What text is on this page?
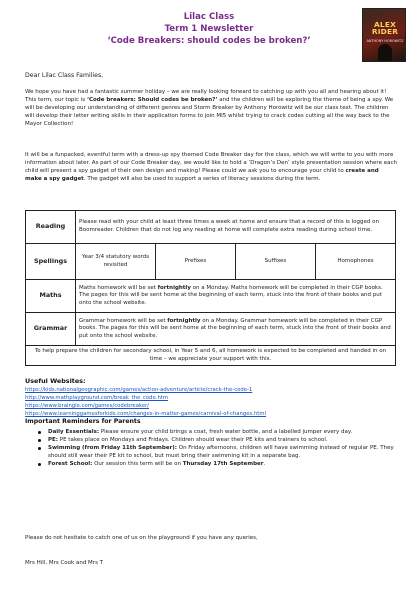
Lilac Class
Term 1 Newsletter
‘Code Breakers: should codes be broken?’
ALEX RIDER
ANTHONY HOROWITZ

Dear Lilac Class Families,

We hope you have had a fantastic summer holiday – we are really looking forward to catching up with you all and hearing about it! This term, our topic is ‘Code breakers: Should codes be broken?’ and the children will be exploring the theme of being a spy. We will be developing our understanding of different genres and Storm Breaker by Anthony Horowitz will be our class text. The children will develop their letter writing skills in their application forms to join MI5 whilst trying to crack codes cutting all the way back to the Mayor Collection!

It will be a funpacked, eventful term with a dress-up spy themed Code Breaker day for the class, which we will write to you with more information about later. As part of our Code Breaker day, we would like to hold a ‘Dragon’s Den’ style presentation session where each child will present a spy gadget of their own design and making! Please could we ask you to encourage your child to create and make a spy gadget. The gadget will also be used to support a series of literacy sessions during the term.

Reading	Please read with your child at least three times a week at home and ensure that a record of this is logged on Boomreader. Children that do not log any reading at home will complete extra reading during school time.			
Spellings	Year 3/4 statutory words revisited	Prefixes	Suffixes	Homophones
Maths	Maths homework will be set fortnightly on a Monday. Maths homework will be completed in their CGP books. The pages for this will be sent home at the beginning of each term, stuck into the front of their books and put onto the school website.			
Grammar	Grammar homework will be set fortnightly on a Monday. Grammar homework will be completed in their CGP books. The pages for this will be sent home at the beginning of each term, stuck into the front of their books and put onto the school website.			
To help prepare the children for secondary school, in Year 5 and 6, all homework is expected to be completed and handed in on time – we appreciate your support with this.				
Useful Websites:
https://kids.nationalgeographic.com/games/action-adventure/article/crack-the-code-1
http://www.mathplayground.com/break_the_code.htm
https://www.braingle.com/games/codebreaker/
https://www.learninggamesforkids.com/changes-in-matter-games/carnival-of-changes.html
Important Reminders for Parents
Daily Essentials: Please ensure your child brings a coat, fresh water bottle, and a labelled jumper every day.
PE: PE takes place on Mondays and Fridays. Children should wear their PE kits and trainers to school.
Swimming (from Friday 11th September): On Friday afternoons, children will have swimming instead of regular PE. They should still wear their PE kit to school, but must bring their swimming kit in a separate bag.
Forest School: Our session this term will be on Thursday 17th September.

Please do not hesitate to catch one of us on the playground if you have any queries,

Mrs Hill, Mrs Cook and Mrs T
